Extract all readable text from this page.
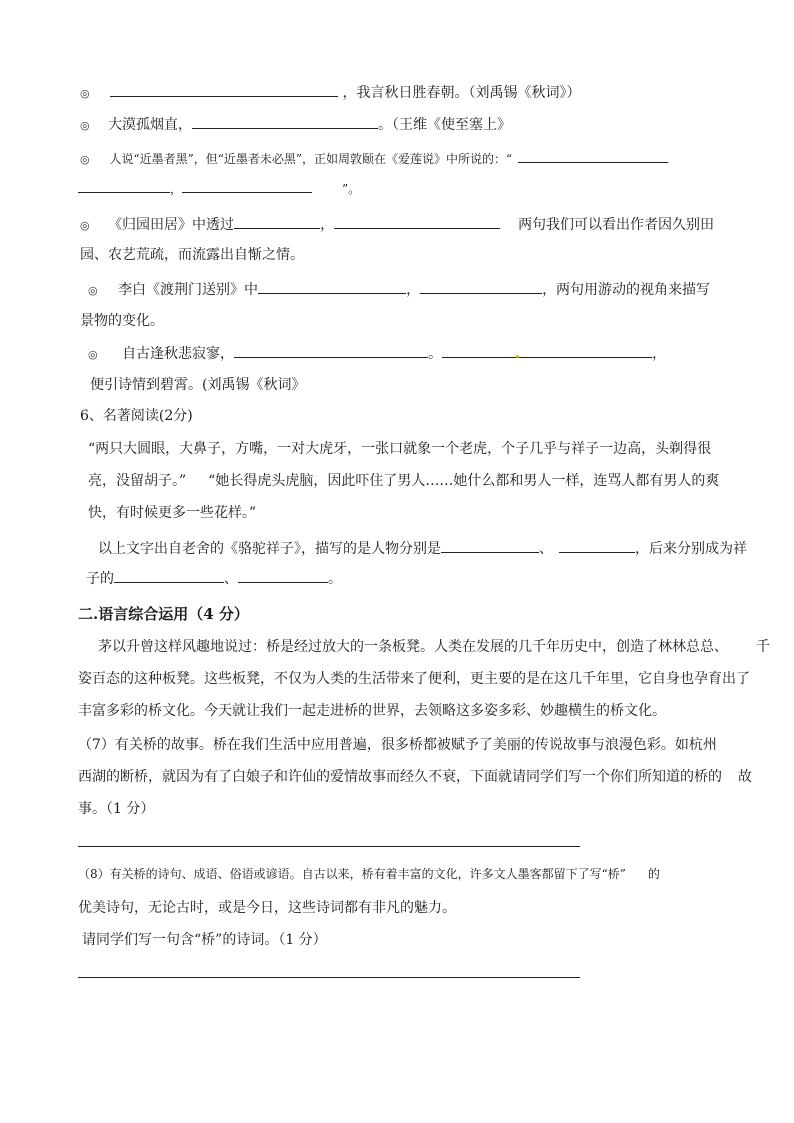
◎	，我言秋日胜春朝。（刘禹锡《秋词》）
◎ 大漠孤烟直，	。（王维《使至塞上》
◎ 人说“近墨者黑”，但“近墨者未必黑”，正如周敦颐在《爱莲说》中所说的：“
，	”。
◎ 《归园田居》中透过	，	两句我们可以看出作者因久别田
园、农艺荒疏，而流露出自惭之情。
◎ 李白《渡荆门送别》中	，	，两句用游动的视角来描写
景物的变化。
◎ 自古逢秋悲寂寥，	。	，
便引诗情到碧霄。(刘禹锡《秋词》
6、名著阅读(2分)
“两只大圆眼，大鼻子，方嘴，一对大虎牙，一张口就象一个老虎，个子几乎与祥子一边高，头剃得很
亮，没留胡子。” “她长得虎头虎脑，因此吓住了男人……她什么都和男人一样，连骂人都有男人的爽
快，有时候更多一些花样。”
以上文字出自老舍的《骆驼祥子》，描写的是人物分别是	、	，后来分别成为祥
子的	、	。
二.语言综合运用（4 分）
茅以升曾这样风趣地说过：桥是经过放大的一条板凳。人类在发展的几千年历史中，创造了林林总总、 千
姿百态的这种板凳。这些板凳，不仅为人类的生活带来了便利，更主要的是在这几千年里，它自身也孕育出了
丰富多彩的桥文化。今天就让我们一起走进桥的世界，去领略这多姿多彩、妙趣横生的桥文化。
（7）有关桥的故事。桥在我们生活中应用普遍，很多桥都被赋予了美丽的传说故事与浪漫色彩。如杭州
西湖的断桥，就因为有了白娘子和许仙的爱情故事而经久不衰，下面就请同学们写一个你们所知道的桥的 故
事。（1 分）
（8）有关桥的诗句、成语、俗语或谚语。自古以来，桥有着丰富的文化，许多文人墨客都留下了写“桥” 的
优美诗句，无论古时，或是今日，这些诗词都有非凡的魅力。
请同学们写一句含“桥”的诗词。（1 分）
